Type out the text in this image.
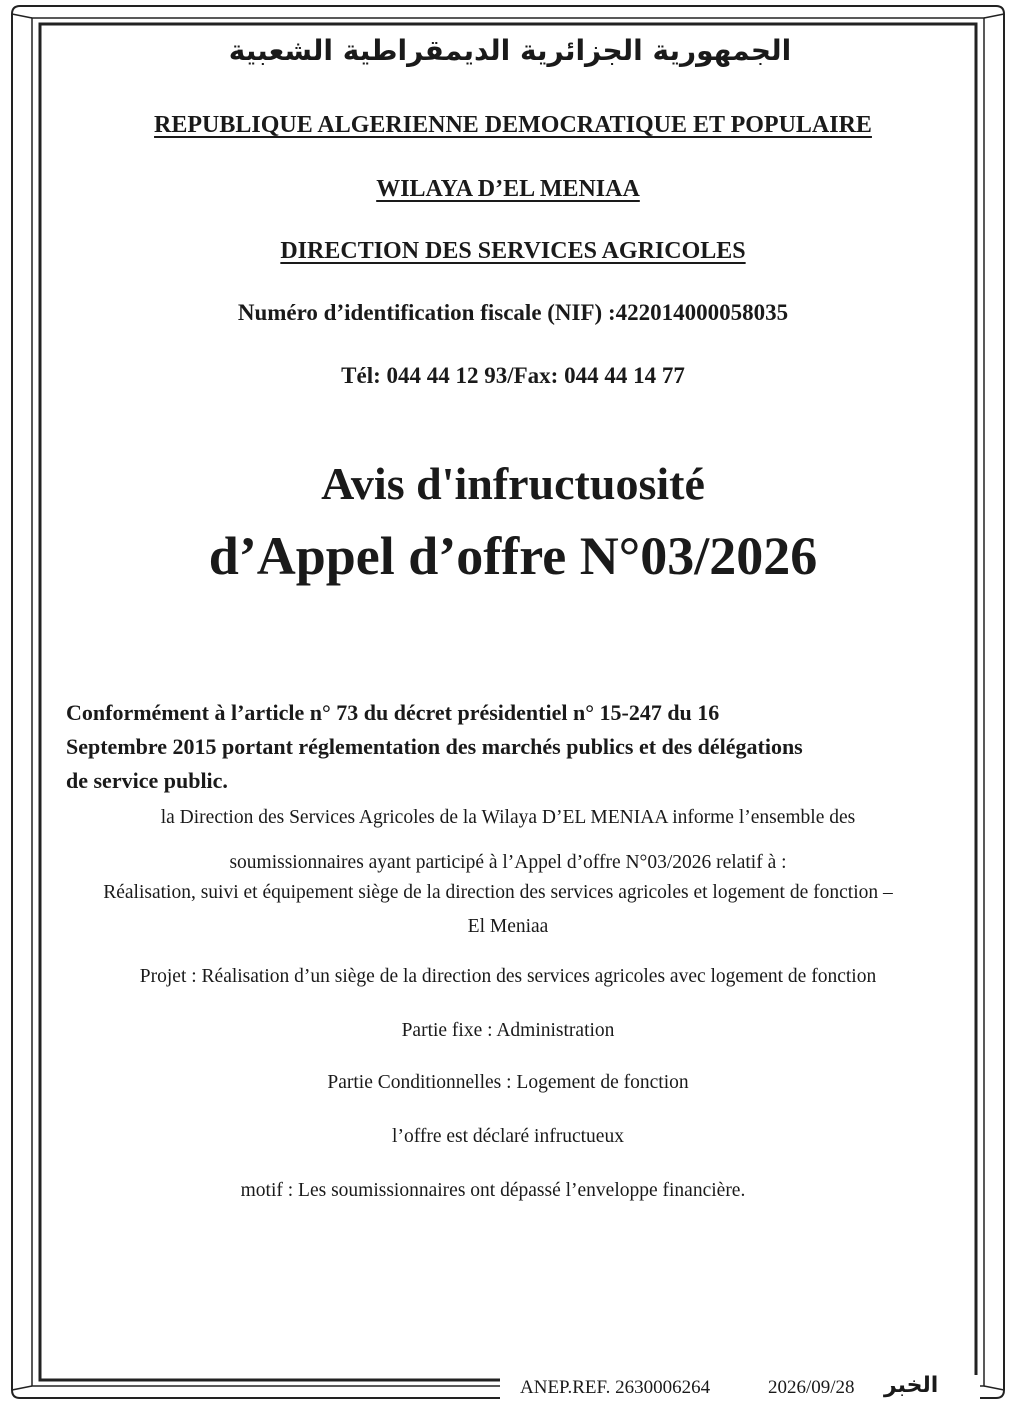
الجمهورية الجزائرية الديمقراطية الشعبية
REPUBLIQUE ALGERIENNE DEMOCRATIQUE ET POPULAIRE
WILAYA D’EL MENIAA
DIRECTION DES SERVICES AGRICOLES
Numéro d’identification fiscale (NIF) :422014000058035
Tél: 044 44 12 93/Fax: 044 44 14 77
Avis d'infructuosité
d’Appel d’offre N°03/2026
Conformément à l’article n° 73 du décret présidentiel n° 15-247 du 16
Septembre 2015 portant réglementation des marchés publics et des délégations
de service public.
la Direction des Services Agricoles de la Wilaya D’EL MENIAA informe l’ensemble des
soumissionnaires ayant participé à l’Appel d’offre N°03/2026 relatif à :
Réalisation, suivi et équipement siège de la direction des services agricoles et logement de fonction –
El Meniaa
Projet : Réalisation d’un siège de la direction des services agricoles avec logement de fonction
Partie fixe : Administration
Partie Conditionnelles : Logement de fonction
l’offre est déclaré infructueux
motif : Les soumissionnaires ont dépassé l’enveloppe financière.
ANEP.REF. 2630006264	2026/09/28 الخبر
